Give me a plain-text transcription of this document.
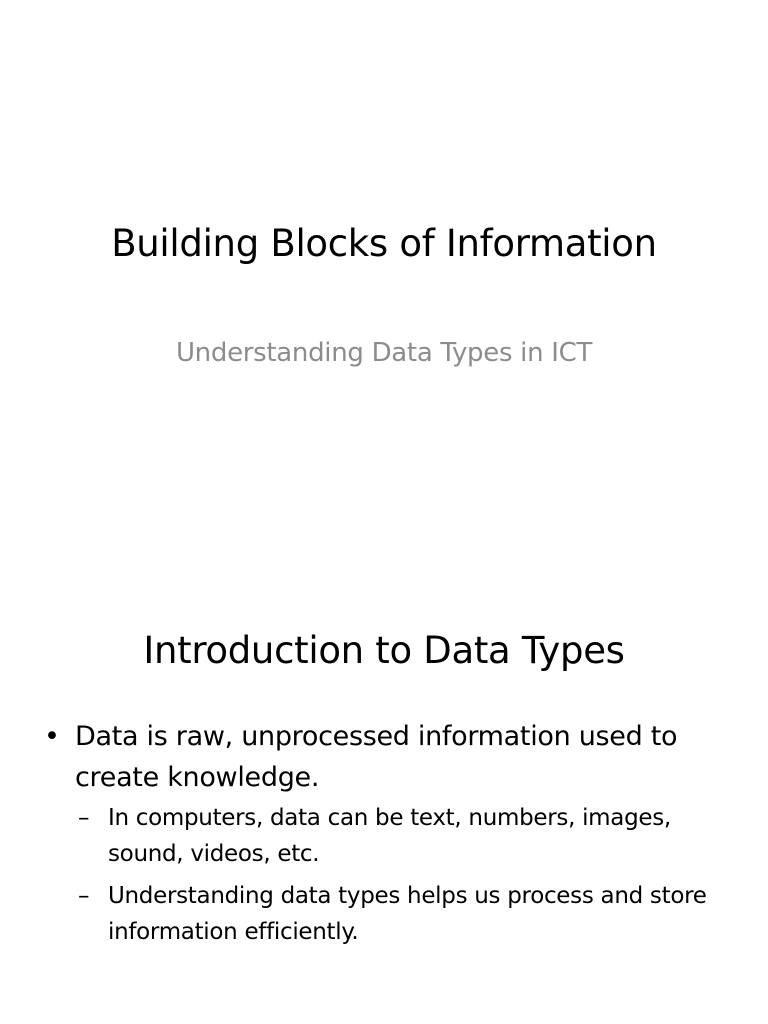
Building Blocks of Information
Understanding Data Types in ICT
Introduction to Data Types
• Data is raw, unprocessed information used to create knowledge.
– In computers, data can be text, numbers, images, sound, videos, etc.
– Understanding data types helps us process and store information efficiently.
